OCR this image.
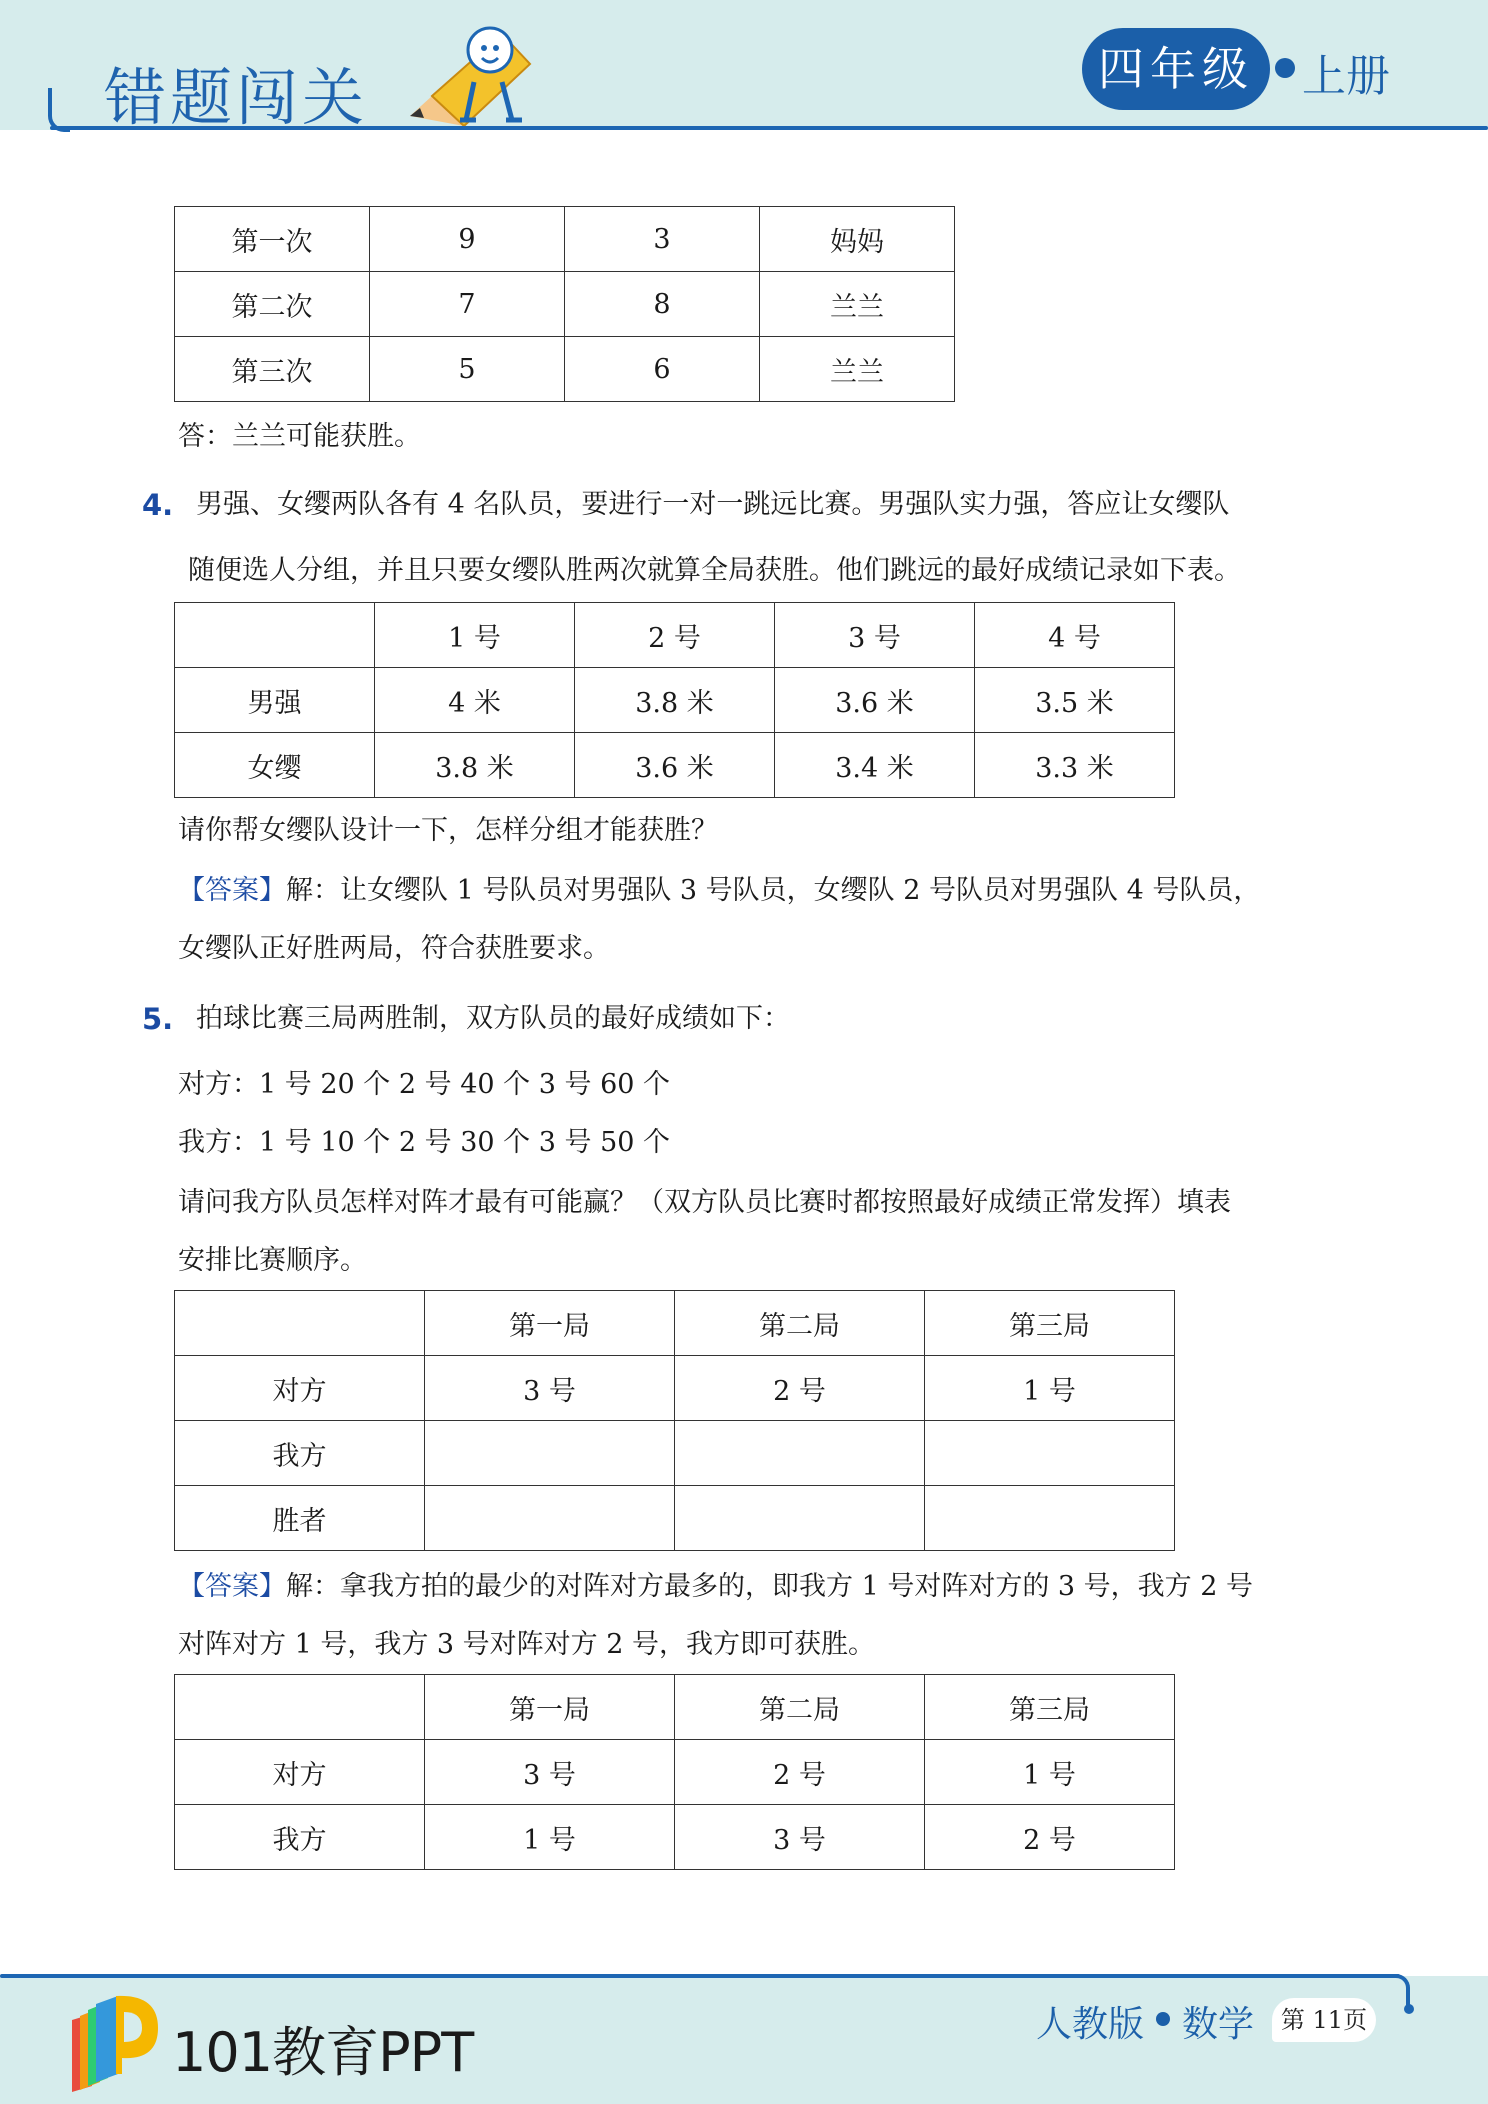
错题闯关	四年级	上册
第一次	9	3	妈妈
第二次	7	8	兰兰
第三次	5	6	兰兰
答：兰兰可能获胜。
4. 男强、女缨两队各有 4 名队员，要进行一对一跳远比赛。男强队实力强，答应让女缨队
随便选人分组，并且只要女缨队胜两次就算全局获胜。他们跳远的最好成绩记录如下表。
	1 号	2 号	3 号	4 号
男强	4 米	3.8 米	3.6 米	3.5 米
女缨	3.8 米	3.6 米	3.4 米	3.3 米
请你帮女缨队设计一下，怎样分组才能获胜？
【答案】解：让女缨队 1 号队员对男强队 3 号队员，女缨队 2 号队员对男强队 4 号队员，
女缨队正好胜两局，符合获胜要求。
5. 拍球比赛三局两胜制，双方队员的最好成绩如下：
对方：1 号 20 个 2 号 40 个 3 号 60 个
我方：1 号 10 个 2 号 30 个 3 号 50 个
请问我方队员怎样对阵才最有可能赢？（双方队员比赛时都按照最好成绩正常发挥）填表
安排比赛顺序。
	第一局	第二局	第三局
对方	3 号	2 号	1 号
我方			
胜者			
【答案】解：拿我方拍的最少的对阵对方最多的，即我方 1 号对阵对方的 3 号，我方 2 号
对阵对方 1 号，我方 3 号对阵对方 2 号，我方即可获胜。
	第一局	第二局	第三局
对方	3 号	2 号	1 号
我方	1 号	3 号	2 号
101教育PPT	人教版 数学	第 11页
